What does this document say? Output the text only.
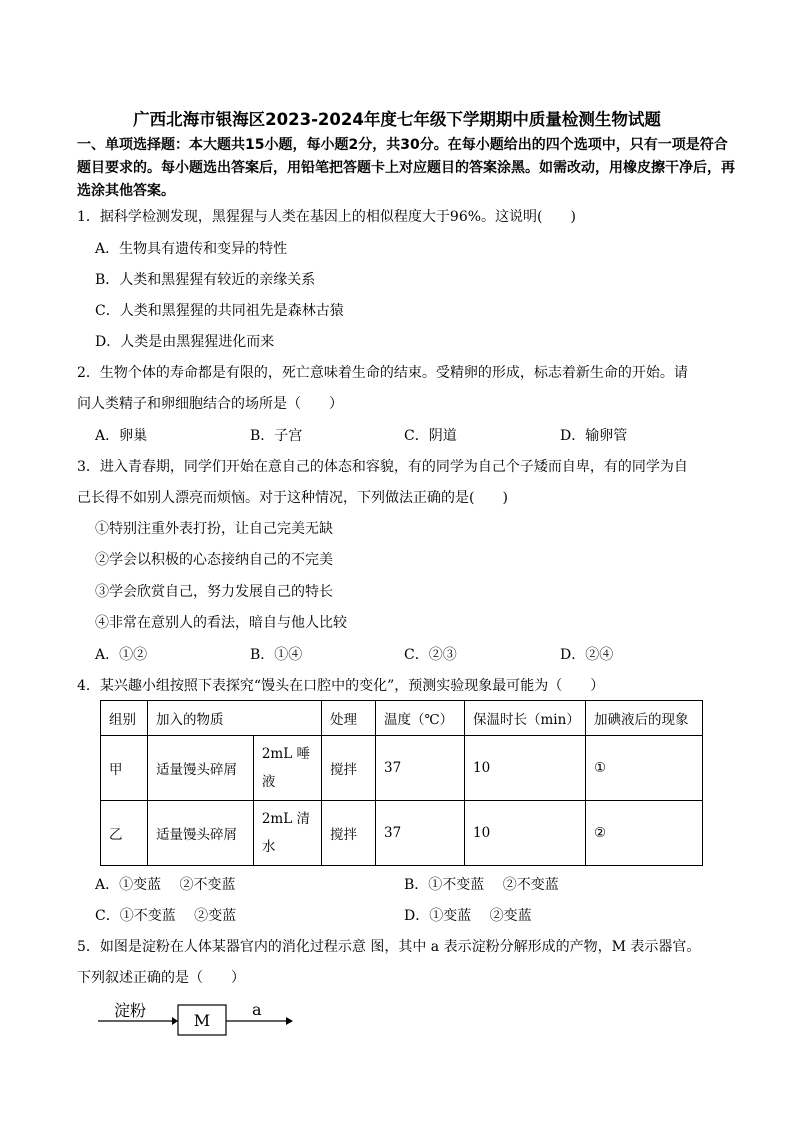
广西北海市银海区2023-2024年度七年级下学期期中质量检测生物试题
一、单项选择题：本大题共15小题，每小题2分，共30分。在每小题给出的四个选项中，只有一项是符合题目要求的。每小题选出答案后，用铅笔把答题卡上对应题目的答案涂黑。如需改动，用橡皮擦干净后，再选涂其他答案。
1．据科学检测发现，黑猩猩与人类在基因上的相似程度大于96%。这说明(　　)
A．生物具有遗传和变异的特性
B．人类和黑猩猩有较近的亲缘关系
C．人类和黑猩猩的共同祖先是森林古猿
D．人类是由黑猩猩进化而来
2．生物个体的寿命都是有限的，死亡意味着生命的结束。受精卵的形成，标志着新生命的开始。请
问人类精子和卵细胞结合的场所是（　　）
A．卵巢	B．子宫	C．阴道	D．输卵管
3．进入青春期，同学们开始在意自己的体态和容貌，有的同学为自己个子矮而自卑，有的同学为自
己长得不如别人漂亮而烦恼。对于这种情况，下列做法正确的是(　　)
①特别注重外表打扮，让自己完美无缺
②学会以积极的心态接纳自己的不完美
③学会欣赏自己，努力发展自己的特长
④非常在意别人的看法，暗自与他人比较
A．①②	B．①④	C．②③	D．②④
4．某兴趣小组按照下表探究“馒头在口腔中的变化”，预测实验现象最可能为（　　）
组别	加入的物质		处理	温度（℃）	保温时长（min）	加碘液后的现象
甲	适量馒头碎屑	2mL 唾液	搅拌	37	10	①
乙	适量馒头碎屑	2mL 清水	搅拌	37	10	②
A．①变蓝　 ②不变蓝	B．①不变蓝　 ②不变蓝
C．①不变蓝　 ②变蓝	D．①变蓝　 ②变蓝
5．如图是淀粉在人体某器官内的消化过程示意 图，其中 a 表示淀粉分解形成的产物，M 表示器官。
下列叙述正确的是（　　）
淀粉
M
a
